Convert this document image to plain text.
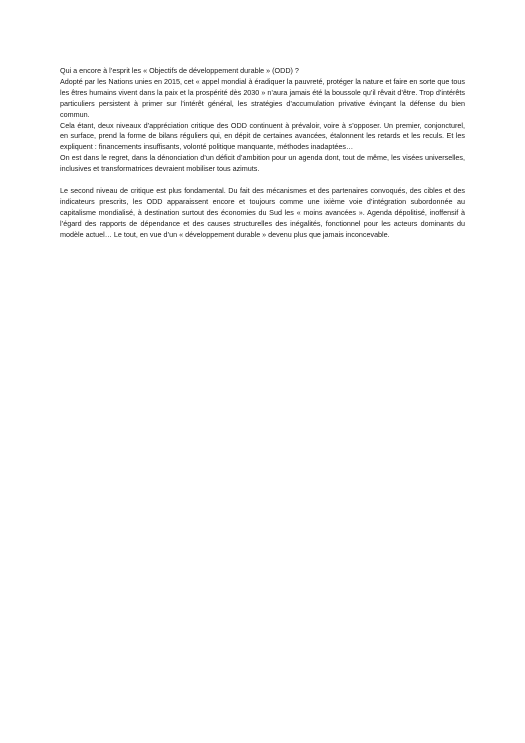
Qui a encore à l’esprit les « Objectifs de développement durable » (ODD) ?

Adopté par les Nations unies en 2015, cet « appel mondial à éradiquer la pauvreté, protéger la nature et faire en sorte que tous les êtres humains vivent dans la paix et la prospérité dès 2030 » n’aura jamais été la boussole qu’il rêvait d’être. Trop d’intérêts particuliers persistent à primer sur l’intérêt général, les stratégies d’accumulation privative évinçant la défense du bien commun.

Cela étant, deux niveaux d’appréciation critique des ODD continuent à prévaloir, voire à s’opposer. Un premier, conjoncturel, en surface, prend la forme de bilans réguliers qui, en dépit de certaines avancées, étalonnent les retards et les reculs. Et les expliquent : financements insuffisants, volonté politique manquante, méthodes inadaptées…

On est dans le regret, dans la dénonciation d’un déficit d’ambition pour un agenda dont, tout de même, les visées universelles, inclusives et transformatrices devraient mobiliser tous azimuts.

Le second niveau de critique est plus fondamental. Du fait des mécanismes et des partenaires convoqués, des cibles et des indicateurs prescrits, les ODD apparaissent encore et toujours comme une ixième voie d’intégration subordonnée au capitalisme mondialisé, à destination surtout des économies du Sud les « moins avancées ». Agenda dépolitisé, inoffensif à l’égard des rapports de dépendance et des causes structurelles des inégalités, fonctionnel pour les acteurs dominants du modèle actuel… Le tout, en vue d’un « développement durable » devenu plus que jamais inconcevable.
